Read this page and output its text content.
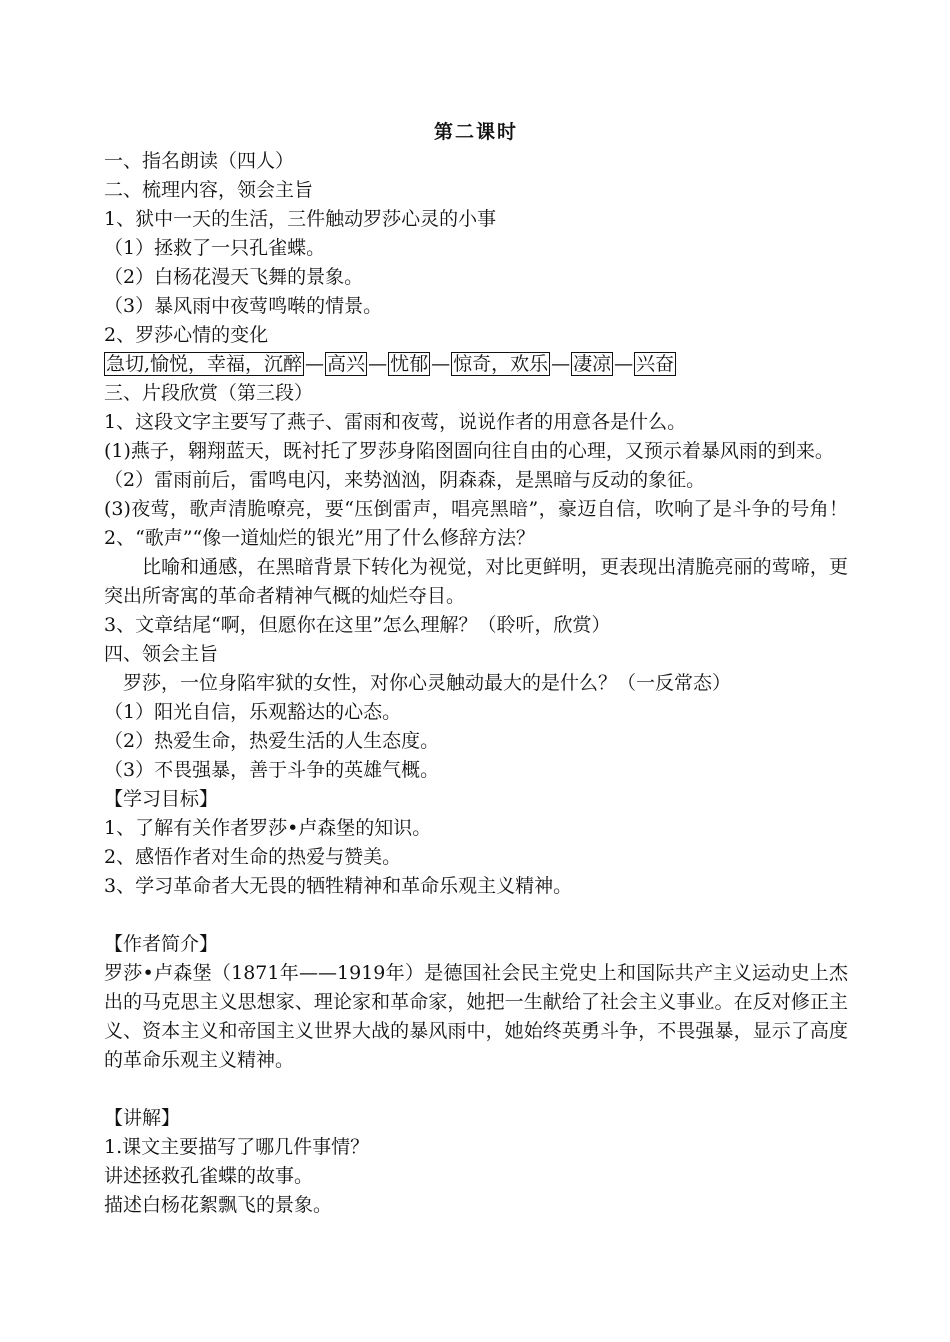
第二课时
一、指名朗读（四人）
二、梳理内容，领会主旨
1、狱中一天的生活，三件触动罗莎心灵的小事
（1）拯救了一只孔雀蝶。
（2）白杨花漫天飞舞的景象。
（3）暴风雨中夜莺鸣啭的情景。
2、罗莎心情的变化
急切,愉悦，幸福，沉醉 — 高兴 — 忧郁 — 惊奇，欢乐 — 凄凉 — 兴奋
三、片段欣赏（第三段）
1、这段文字主要写了燕子、雷雨和夜莺，说说作者的用意各是什么。
(1)燕子，翱翔蓝天，既衬托了罗莎身陷囹圄向往自由的心理，又预示着暴风雨的到来。
（2）雷雨前后，雷鸣电闪，来势汹汹，阴森森，是黑暗与反动的象征。
(3)夜莺，歌声清脆嘹亮，要“压倒雷声，唱亮黑暗”，豪迈自信，吹响了是斗争的号角！ 2、“歌声”“像一道灿烂的银光”用了什么修辞方法？
比喻和通感，在黑暗背景下转化为视觉，对比更鲜明，更表现出清脆亮丽的莺啼，更突出所寄寓的革命者精神气概的灿烂夺目。
3、文章结尾“啊，但愿你在这里”怎么理解？（聆听，欣赏）
四、领会主旨
罗莎，一位身陷牢狱的女性，对你心灵触动最大的是什么？（一反常态）
（1）阳光自信，乐观豁达的心态。
（2）热爱生命，热爱生活的人生态度。
（3）不畏强暴，善于斗争的英雄气概。
【学习目标】
1、了解有关作者罗莎•卢森堡的知识。
2、感悟作者对生命的热爱与赞美。
3、学习革命者大无畏的牺牲精神和革命乐观主义精神。
【作者简介】
罗莎•卢森堡（1871年——1919年）是德国社会民主党史上和国际共产主义运动史上杰出的马克思主义思想家、理论家和革命家，她把一生献给了社会主义事业。在反对修正主义、资本主义和帝国主义世界大战的暴风雨中，她始终英勇斗争，不畏强暴，显示了高度的革命乐观主义精神。
【讲解】
1.课文主要描写了哪几件事情？
讲述拯救孔雀蝶的故事。
描述白杨花絮飘飞的景象。
